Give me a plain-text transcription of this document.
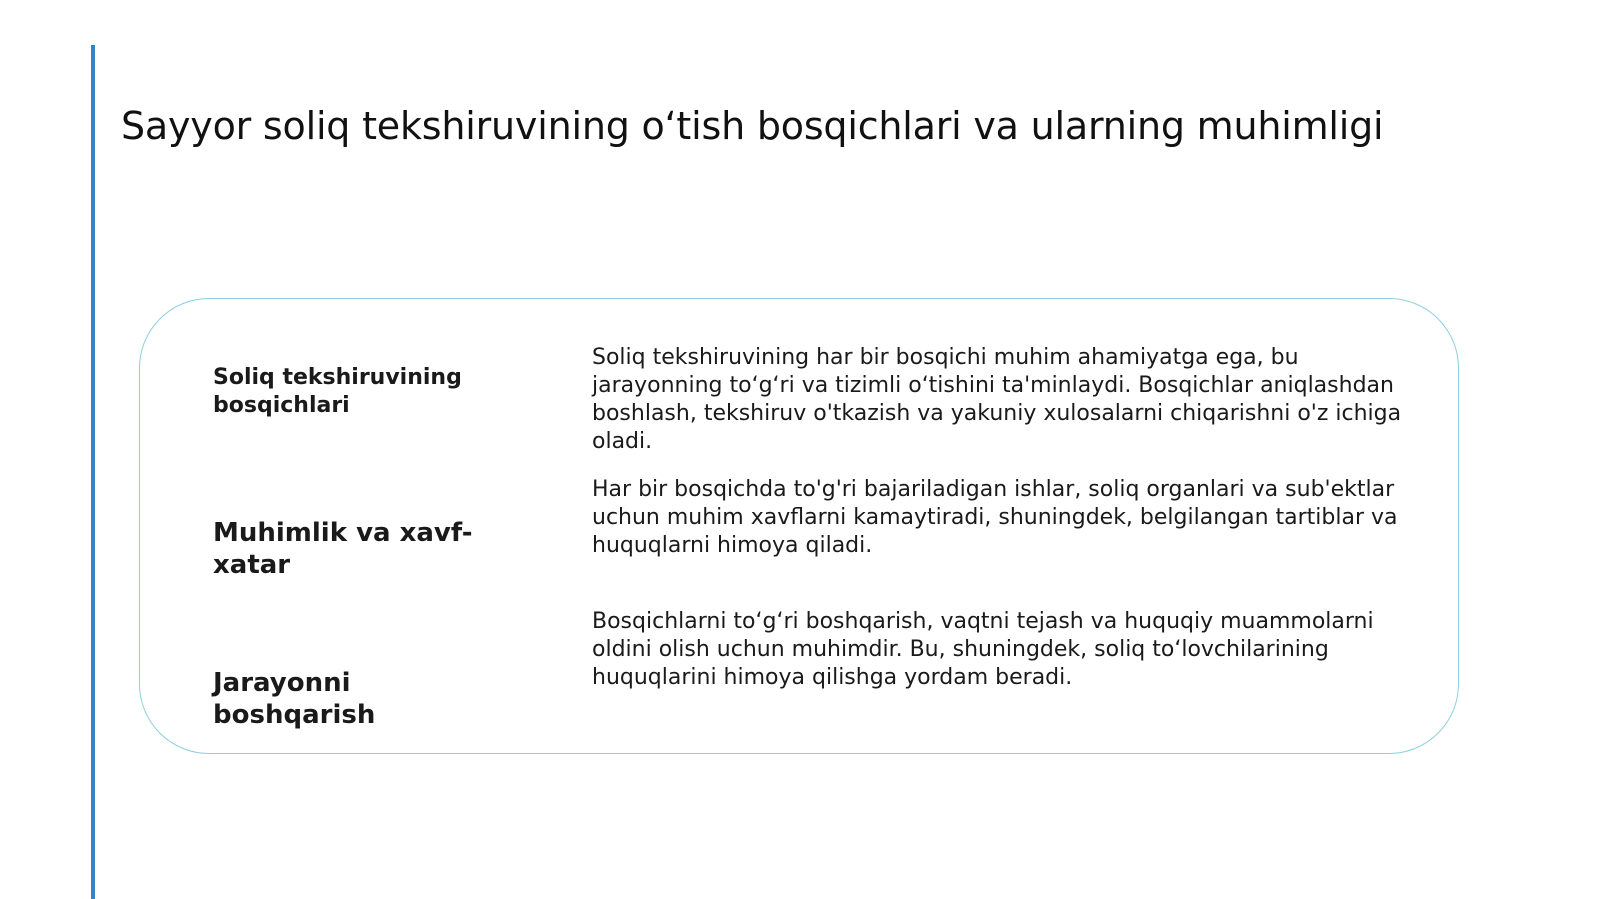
Sayyor soliq tekshiruvining o‘tish bosqichlari va ularning muhimligi
Soliq tekshiruvining bosqichlari
Soliq tekshiruvining har bir bosqichi muhim ahamiyatga ega, bu jarayonning to‘g‘ri va tizimli o‘tishini ta'minlaydi. Bosqichlar aniqlashdan boshlash, tekshiruv o'tkazish va yakuniy xulosalarni chiqarishni o'z ichiga oladi.
Muhimlik va xavf-xatar
Har bir bosqichda to'g'ri bajariladigan ishlar, soliq organlari va sub'ektlar uchun muhim xavflarni kamaytiradi, shuningdek, belgilangan tartiblar va huquqlarni himoya qiladi.
Jarayonni boshqarish
Bosqichlarni to‘g‘ri boshqarish, vaqtni tejash va huquqiy muammolarni oldini olish uchun muhimdir. Bu, shuningdek, soliq to‘lovchilarining huquqlarini himoya qilishga yordam beradi.
